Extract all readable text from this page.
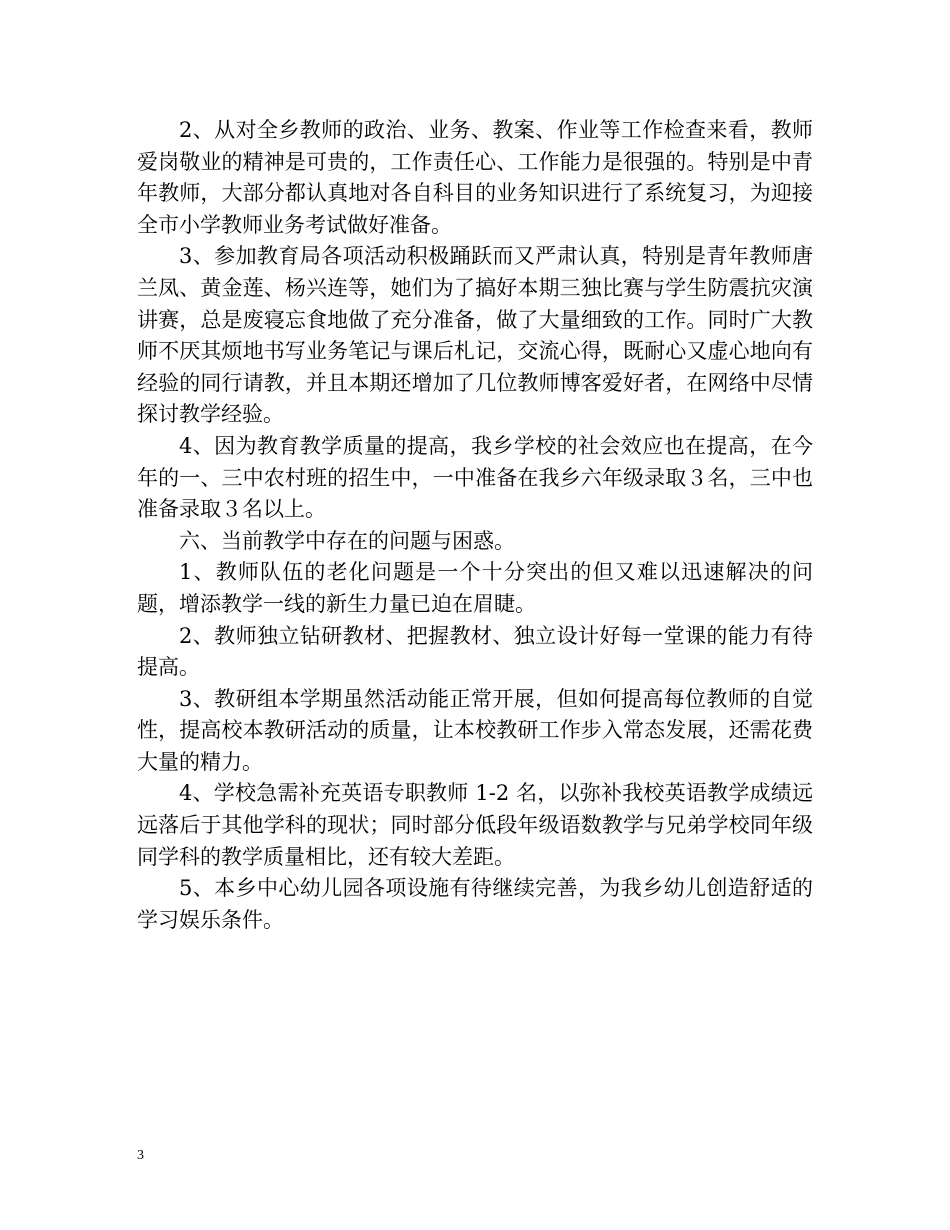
2、从对全乡教师的政治、业务、教案、作业等工作检查来看，教师爱岗敬业的精神是可贵的，工作责任心、工作能力是很强的。特别是中青年教师，大部分都认真地对各自科目的业务知识进行了系统复习，为迎接全市小学教师业务考试做好准备。

3、参加教育局各项活动积极踊跃而又严肃认真，特别是青年教师唐兰凤、黄金莲、杨兴连等，她们为了搞好本期三独比赛与学生防震抗灾演讲赛，总是废寝忘食地做了充分准备，做了大量细致的工作。同时广大教师不厌其烦地书写业务笔记与课后札记，交流心得，既耐心又虚心地向有经验的同行请教，并且本期还增加了几位教师博客爱好者，在网络中尽情探讨教学经验。

4、因为教育教学质量的提高，我乡学校的社会效应也在提高，在今年的一、三中农村班的招生中，一中准备在我乡六年级录取３名，三中也准备录取３名以上。

六、当前教学中存在的问题与困惑。

1、教师队伍的老化问题是一个十分突出的但又难以迅速解决的问题，增添教学一线的新生力量已迫在眉睫。

2、教师独立钻研教材、把握教材、独立设计好每一堂课的能力有待提高。

3、教研组本学期虽然活动能正常开展，但如何提高每位教师的自觉性，提高校本教研活动的质量，让本校教研工作步入常态发展，还需花费大量的精力。

4、学校急需补充英语专职教师 1-2 名，以弥补我校英语教学成绩远远落后于其他学科的现状；同时部分低段年级语数教学与兄弟学校同年级同学科的教学质量相比，还有较大差距。

5、本乡中心幼儿园各项设施有待继续完善，为我乡幼儿创造舒适的学习娱乐条件。

3
